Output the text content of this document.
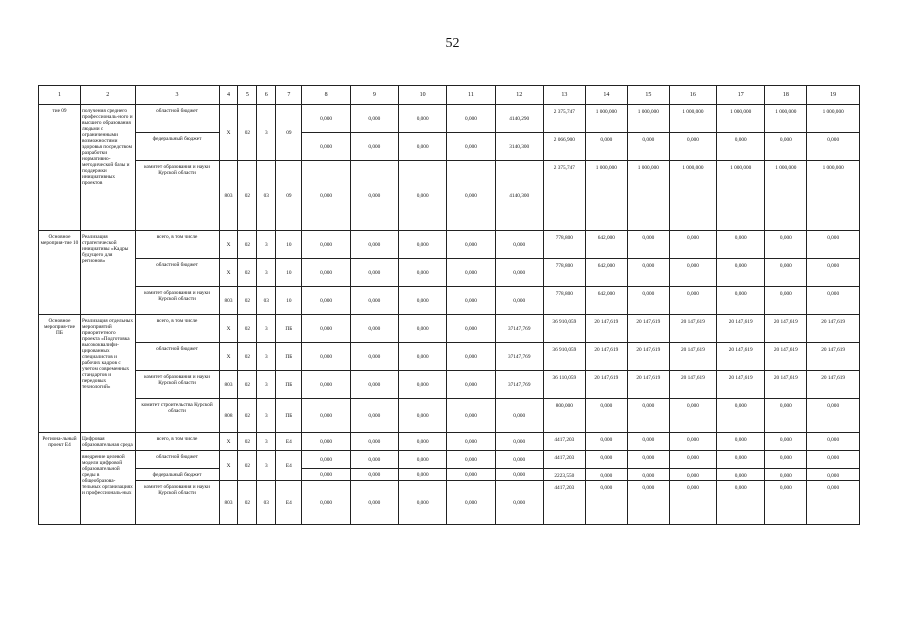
52
1	2	3	4	5	6	7	8	9	10	11	12	13	14	15	16	17	18	19
тие 09	получения среднего профессиональ-ного и высшего образования людьми с ограниченными возможностями здоровья посредством разработки нормативно-методической базы и поддержки инициативных проектов	областной бюджет	X	02	3	09	0,000	0,000	0,000	0,000	4140,290	2 375,747	1 000,000	1 000,000	1 000,000	1 000,000	1 000,000	1 000,000
		федеральный бюджет					0,000	0,000	0,000	0,000	3140,300	2 066,900	0,000	0,000	0,000	0,000	0,000	0,000
		комитет образования и науки Курской области	803	02	03	09	0,000	0,000	0,000	0,000	4140,300	2 375,747	1 000,000	1 000,000	1 000,000	1 000,000	1 000,000	1 000,000
Основное мероприя-тие 10	Реализация стратегической инициативы «Кадры будущего для регионов»	всего, в том числе	X	02	3	10	0,000	0,000	0,000	0,000	0,000	778,800	642,000	0,000	0,000	0,000	0,000	0,000
		областной бюджет	X	02	3	10	0,000	0,000	0,000	0,000	0,000	778,800	642,000	0,000	0,000	0,000	0,000	0,000
		комитет образования и науки Курской области	803	02	03	10	0,000	0,000	0,000	0,000	0,000	778,800	642,000	0,000	0,000	0,000	0,000	0,000
Основное мероприя-тие ПБ	Реализация отдельных мероприятий приоритетного проекта «Подготовка высококвалифи-цированных специалистов и рабочих кадров с учетом современных стандартов и передовых технологий»	всего, в том числе	X	02	3	ПБ	0,000	0,000	0,000	0,000	37147,769	36 910,059	20 147,619	20 147,619	20 147,619	20 147,619	20 147,619	20 147,619
		областной бюджет	X	02	3	ПБ	0,000	0,000	0,000	0,000	37147,769	36 910,059	20 147,619	20 147,619	20 147,619	20 147,619	20 147,619	20 147,619
		комитет образования и науки Курской области	803	02	3	ПБ	0,000	0,000	0,000	0,000	37147,769	36 110,059	20 147,619	20 147,619	20 147,619	20 147,619	20 147,619	20 147,619
		комитет строительства Курской области	808	02	3	ПБ	0,000	0,000	0,000	0,000	0,000	800,000	0,000	0,000	0,000	0,000	0,000	0,000
Региона-льный проект Е4	Цифровая образовательная среда	всего, в том числе	X	02	3	Е4	0,000	0,000	0,000	0,000	0,000	4417,203	0,000	0,000	0,000	0,000	0,000	0,000
	внедрение целевой модели цифровой образовательной среды в общеобразова-тельных организациях и профессиональ-ных	областной бюджет	X	02	3	Е4	0,000	0,000	0,000	0,000	0,000	4417,203	0,000	0,000	0,000	0,000	0,000	0,000
		федеральный бюджет					0,000	0,000	0,000	0,000	0,000	2223,550	0,000	0,000	0,000	0,000	0,000	0,000
		комитет образования и науки Курской области	803	02	03	Е4	0,000	0,000	0,000	0,000	0,000	4417,203	0,000	0,000	0,000	0,000	0,000	0,000
